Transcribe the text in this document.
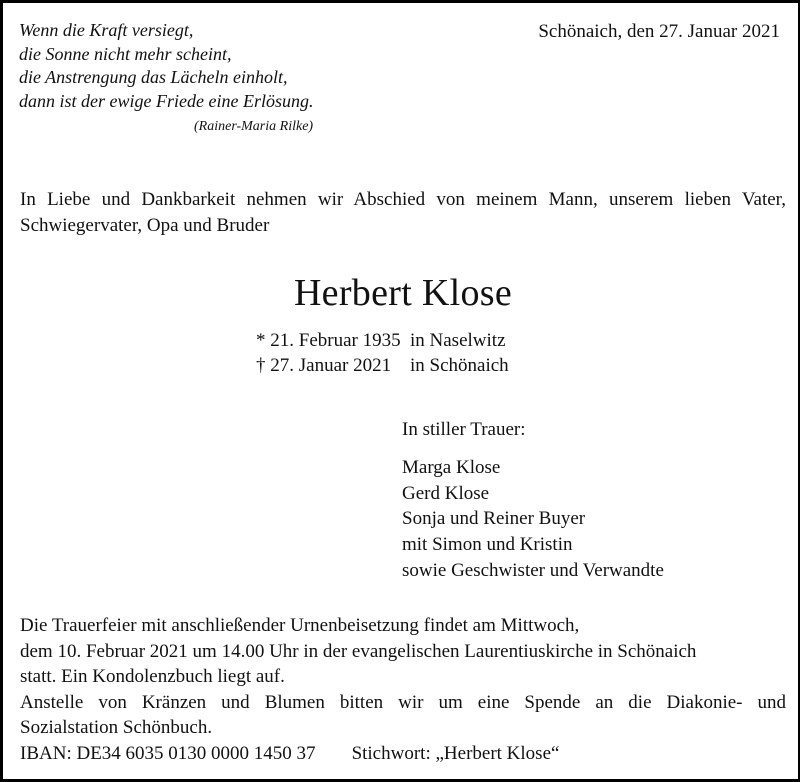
Wenn die Kraft versiegt,
die Sonne nicht mehr scheint,
die Anstrengung das Lächeln einholt,
dann ist der ewige Friede eine Erlösung.
(Rainer-Maria Rilke)
Schönaich, den 27. Januar 2021
In Liebe und Dankbarkeit nehmen wir Abschied von meinem Mann, unserem lieben Vater, Schwiegervater, Opa und Bruder
Herbert Klose
* 21. Februar 1935 in Naselwitz
† 27. Januar 2021 in Schönaich
In stiller Trauer:
Marga Klose
Gerd Klose
Sonja und Reiner Buyer
mit Simon und Kristin
sowie Geschwister und Verwandte
Die Trauerfeier mit anschließender Urnenbeisetzung findet am Mittwoch,
dem 10. Februar 2021 um 14.00 Uhr in der evangelischen Laurentiuskirche in Schönaich
statt. Ein Kondolenzbuch liegt auf.
Anstelle von Kränzen und Blumen bitten wir um eine Spende an die Diakonie- und
Sozialstation Schönbuch.
IBAN: DE34 6035 0130 0000 1450 37 Stichwort: „Herbert Klose“
